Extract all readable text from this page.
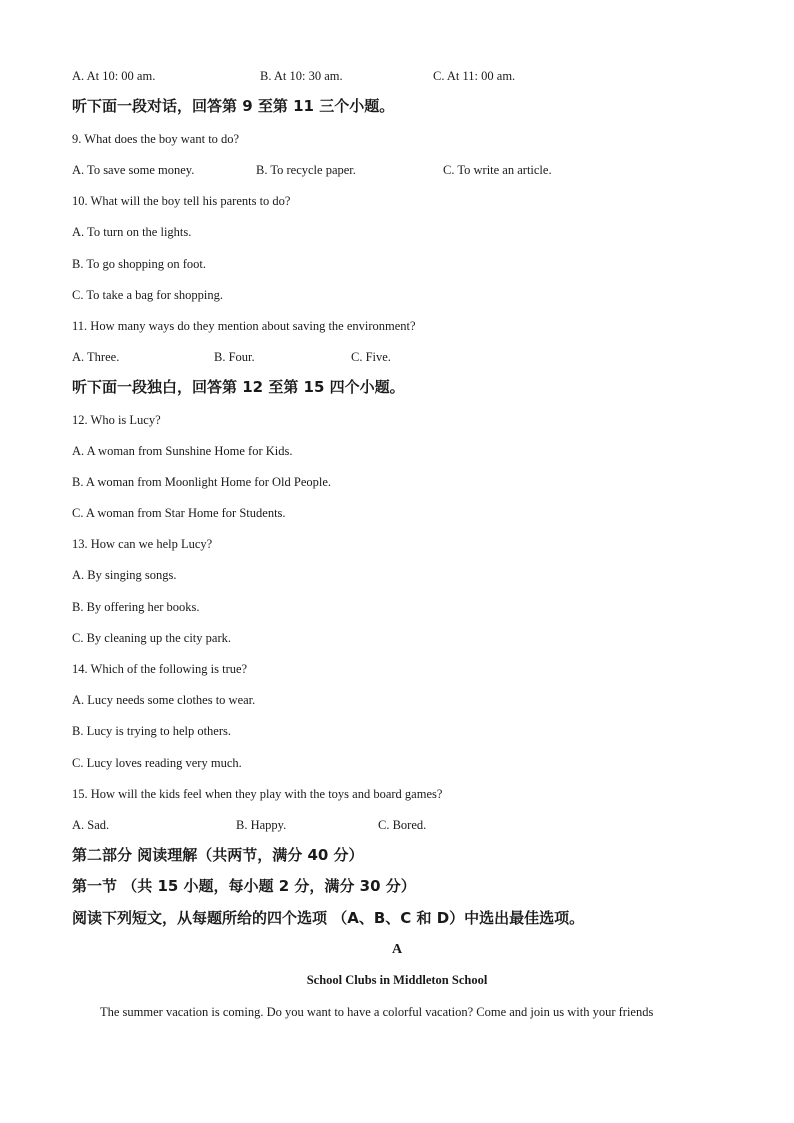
A. At 10: 00 am.	B. At 10: 30 am.	C. At 11: 00 am.
听下面一段对话，回答第 9 至第 11 三个小题。
9. What does the boy want to do?
A. To save some money.	B. To recycle paper.	C. To write an article.
10. What will the boy tell his parents to do?
A. To turn on the lights.
B. To go shopping on foot.
C. To take a bag for shopping.
11. How many ways do they mention about saving the environment?
A. Three.	B. Four.	C. Five.
听下面一段独白，回答第 12 至第 15 四个小题。
12. Who is Lucy?
A. A woman from Sunshine Home for Kids.
B. A woman from Moonlight Home for Old People.
C. A woman from Star Home for Students.
13. How can we help Lucy?
A. By singing songs.
B. By offering her books.
C. By cleaning up the city park.
14. Which of the following is true?
A. Lucy needs some clothes to wear.
B. Lucy is trying to help others.
C. Lucy loves reading very much.
15. How will the kids feel when they play with the toys and board games?
A. Sad.	B. Happy.	C. Bored.
第二部分 阅读理解（共两节，满分 40 分）
第一节 （共 15 小题，每小题 2 分，满分 30 分）
阅读下列短文，从每题所给的四个选项 （A、B、C 和 D）中选出最佳选项。
A
School Clubs in Middleton School
The summer vacation is coming. Do you want to have a colorful vacation? Come and join us with your friends
